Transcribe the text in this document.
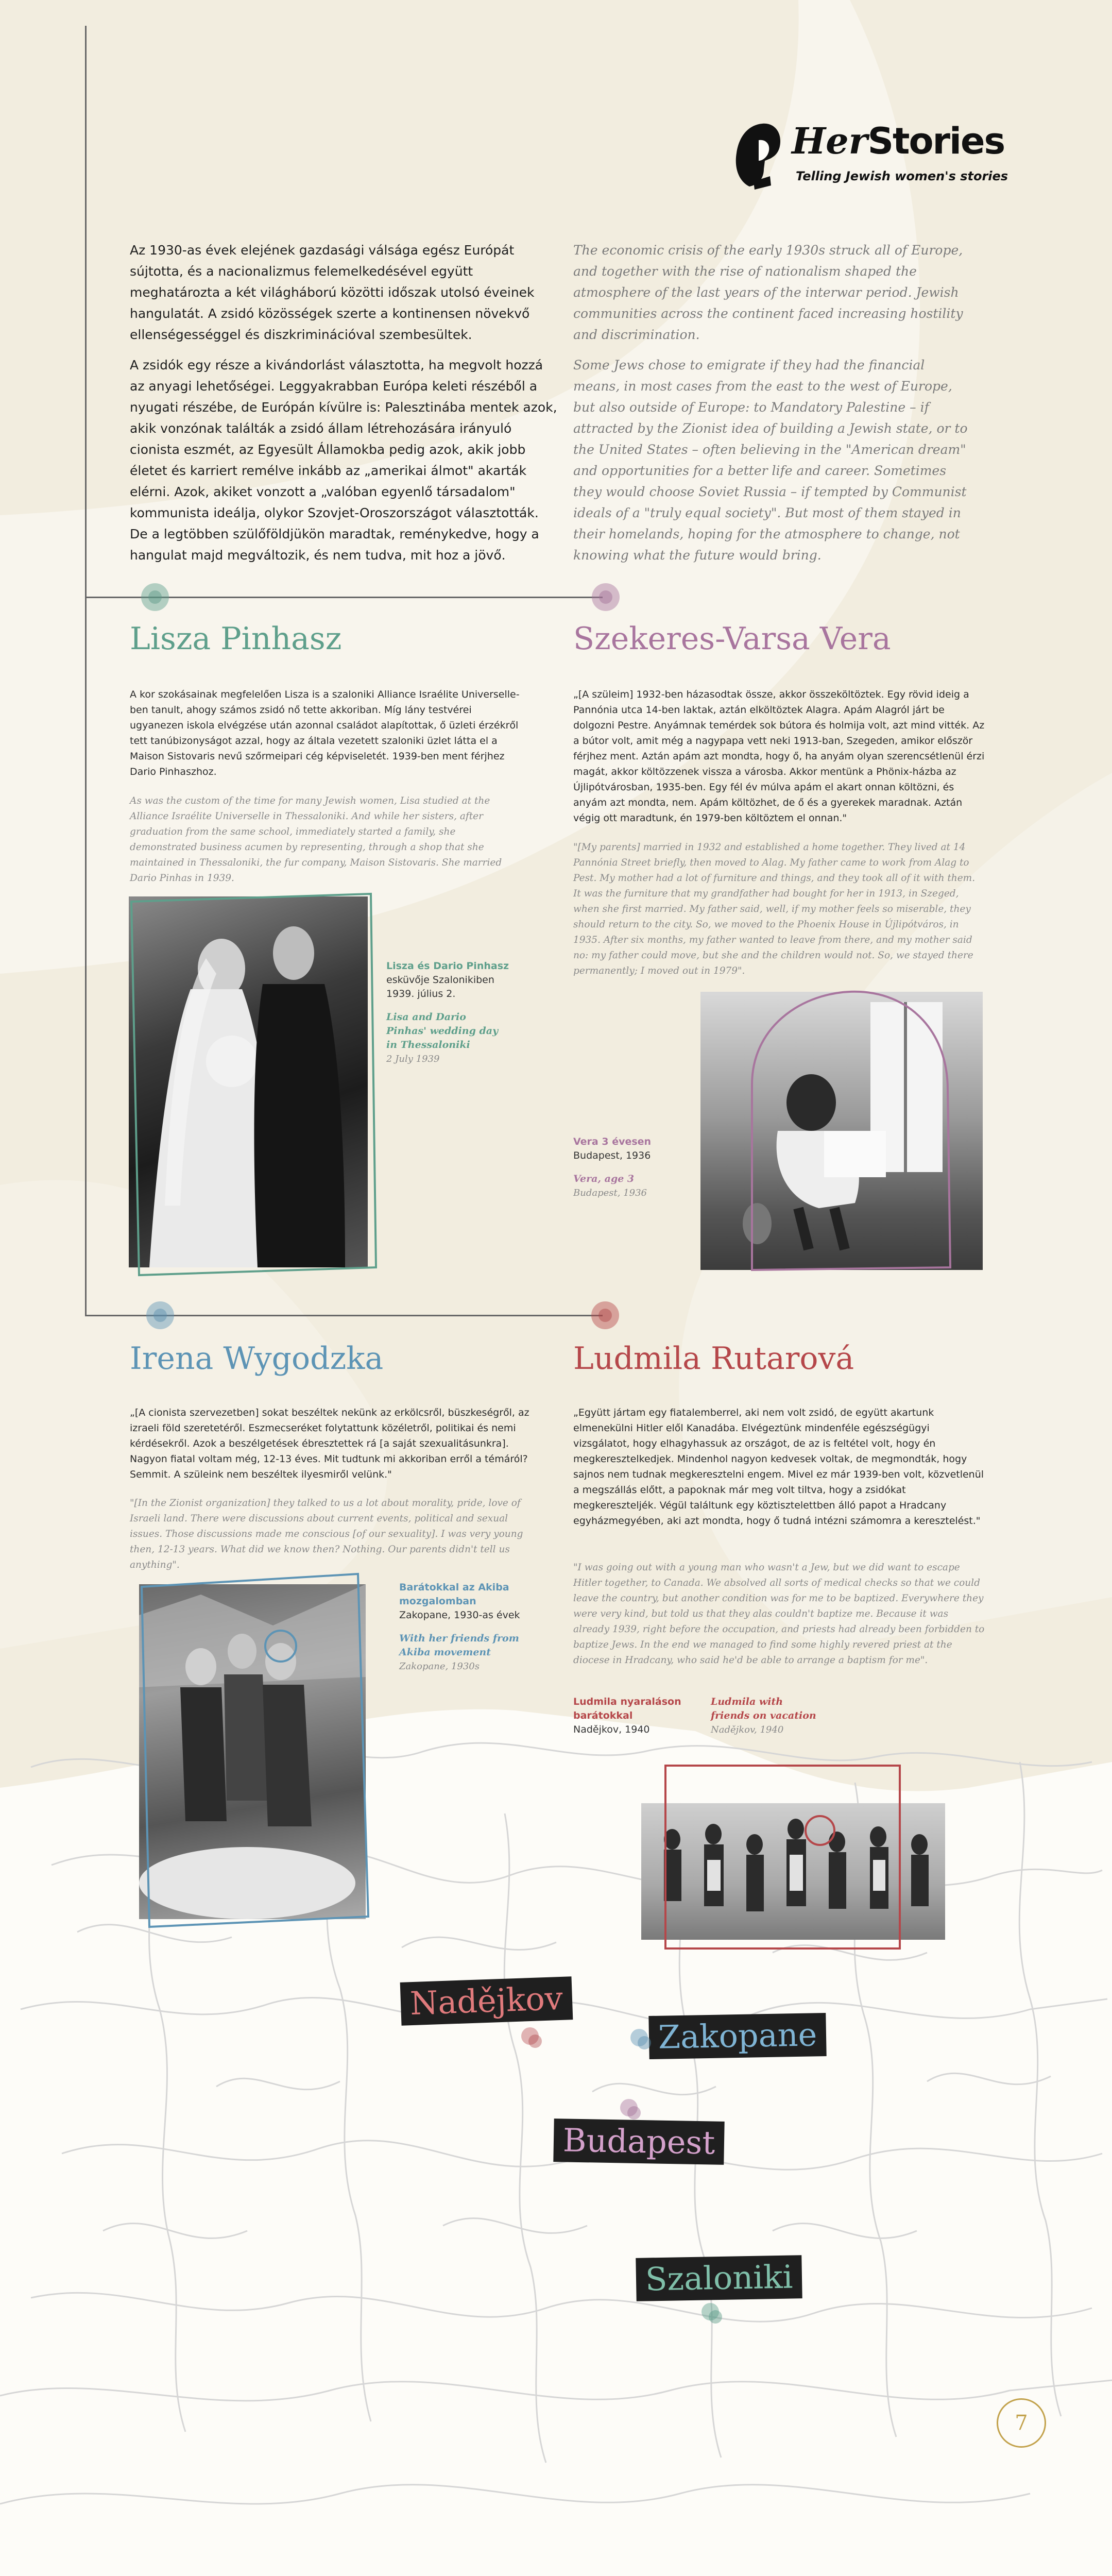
HerStories
Telling Jewish women's stories

Az 1930-as évek elejének gazdasági válsága egész Európát sújtotta, és a nacionalizmus felemelkedésével együtt meghatározta a két világháború közötti időszak utolsó éveinek hangulatát. A zsidó közösségek szerte a kontinensen növekvő ellenségességgel és diszkriminációval szembesültek.

A zsidók egy része a kivándorlást választotta, ha megvolt hozzá az anyagi lehetőségei. Leggyakrabban Európa keleti részéből a nyugati részébe, de Európán kívülre is: Palesztinába mentek azok, akik vonzónak találták a zsidó állam létrehozására irányuló cionista eszmét, az Egyesült Államokba pedig azok, akik jobb életet és karriert remélve inkább az „amerikai álmot" akarták elérni. Azok, akiket vonzott a „valóban egyenlő társadalom" kommunista ideálja, olykor Szovjet-Oroszországot választották. De a legtöbben szülőföldjükön maradtak, reménykedve, hogy a hangulat majd megváltozik, és nem tudva, mit hoz a jövő.

The economic crisis of the early 1930s struck all of Europe, and together with the rise of nationalism shaped the atmosphere of the last years of the interwar period. Jewish communities across the continent faced increasing hostility and discrimination.

Some Jews chose to emigrate if they had the financial means, in most cases from the east to the west of Europe, but also outside of Europe: to Mandatory Palestine – if attracted by the Zionist idea of building a Jewish state, or to the United States – often believing in the "American dream" and opportunities for a better life and career. Sometimes they would choose Soviet Russia – if tempted by Communist ideals of a "truly equal society". But most of them stayed in their homelands, hoping for the atmosphere to change, not knowing what the future would bring.

Lisza Pinhasz
A kor szokásainak megfelelően Lisza is a szaloniki Alliance Israélite Universelle-ben tanult, ahogy számos zsidó nő tette akkoriban. Míg lány testvérei ugyanezen iskola elvégzése után azonnal családot alapítottak, ő üzleti érzékről tett tanúbizonyságot azzal, hogy az általa vezetett szaloniki üzlet látta el a Maison Sistovaris nevű szőrmeipari cég képviseletét. 1939-ben ment férjhez Dario Pinhaszhoz.
As was the custom of the time for many Jewish women, Lisa studied at the Alliance Israélite Universelle in Thessaloniki. And while her sisters, after graduation from the same school, immediately started a family, she demonstrated business acumen by representing, through a shop that she maintained in Thessaloniki, the fur company, Maison Sistovaris. She married Dario Pinhas in 1939.
Lisza és Dario Pinhasz
esküvője Szalonikiben
1939. július 2.
Lisa and Dario Pinhas' wedding day in Thessaloniki
2 July 1939
Szekeres-Varsa Vera
„[A szüleim] 1932-ben házasodtak össze, akkor összeköltöztek. Egy rövid ideig a Pannónia utca 14-ben laktak, aztán elköltöztek Alagra. Apám Alagról járt be dolgozni Pestre. Anyámnak temérdek sok bútora és holmija volt, azt mind vitték. Az a bútor volt, amit még a nagypapa vett neki 1913-ban, Szegeden, amikor először férjhez ment. Aztán apám azt mondta, hogy ő, ha anyám olyan szerencsétlenül érzi magát, akkor költözzenek vissza a városba. Akkor mentünk a Phönix-házba az Újlipótvárosban, 1935-ben. Egy fél év múlva apám el akart onnan költözni, és anyám azt mondta, nem. Apám költözhet, de ő és a gyerekek maradnak. Aztán végig ott maradtunk, én 1979-ben költöztem el onnan."
"[My parents] married in 1932 and established a home together. They lived at 14 Pannónia Street briefly, then moved to Alag. My father came to work from Alag to Pest. My mother had a lot of furniture and things, and they took all of it with them. It was the furniture that my grandfather had bought for her in 1913, in Szeged, when she first married. My father said, well, if my mother feels so miserable, they should return to the city. So, we moved to the Phoenix House in Újlipótváros, in 1935. After six months, my father wanted to leave from there, and my mother said no: my father could move, but she and the children would not. So, we stayed there permanently; I moved out in 1979".
Vera 3 évesen
Budapest, 1936
Vera, age 3
Budapest, 1936
Irena Wygodzka
„[A cionista szervezetben] sokat beszéltek nekünk az erkölcsről, büszkeségről, az izraeli föld szeretetéről. Eszmecseréket folytattunk közéletről, politikai és nemi kérdésekről. Azok a beszélgetések ébresztettek rá [a saját szexualitásunkra]. Nagyon fiatal voltam még, 12-13 éves. Mit tudtunk mi akkoriban erről a témáról? Semmit. A szüleink nem beszéltek ilyesmiről velünk."
"[In the Zionist organization] they talked to us a lot about morality, pride, love of Israeli land. There were discussions about current events, political and sexual issues. Those discussions made me conscious [of our sexuality]. I was very young then, 12-13 years. What did we know then? Nothing. Our parents didn't tell us anything".
Barátokkal az Akiba mozgalomban
Zakopane, 1930-as évek
With her friends from Akiba movement
Zakopane, 1930s
Ludmila Rutarová
„Együtt jártam egy fiatalemberrel, aki nem volt zsidó, de együtt akartunk elmenekülni Hitler elől Kanadába. Elvégeztünk mindenféle egészségügyi vizsgálatot, hogy elhagyhassuk az országot, de az is feltétel volt, hogy én megkeresztelkedjek. Mindenhol nagyon kedvesek voltak, de megmondták, hogy sajnos nem tudnak megkeresztelni engem. Mivel ez már 1939-ben volt, közvetlenül a megszállás előtt, a papoknak már meg volt tiltva, hogy a zsidókat megkereszteljék. Végül találtunk egy köztisztelettben álló papot a Hradcany egyházmegyében, aki azt mondta, hogy ő tudná intézni számomra a keresztelést."
"I was going out with a young man who wasn't a Jew, but we did want to escape Hitler together, to Canada. We absolved all sorts of medical checks so that we could leave the country, but another condition was for me to be baptized. Everywhere they were very kind, but told us that they alas couldn't baptize me. Because it was already 1939, right before the occupation, and priests had already been forbidden to baptize Jews. In the end we managed to find some highly revered priest at the diocese in Hradcany, who said he'd be able to arrange a baptism for me".
Ludmila nyaraláson
barátokkal
Naděјkov, 1940
Ludmila with
friends on vacation
Naděјkov, 1940
Naděјkov
Zakopane
Budapest
Szaloniki
7
